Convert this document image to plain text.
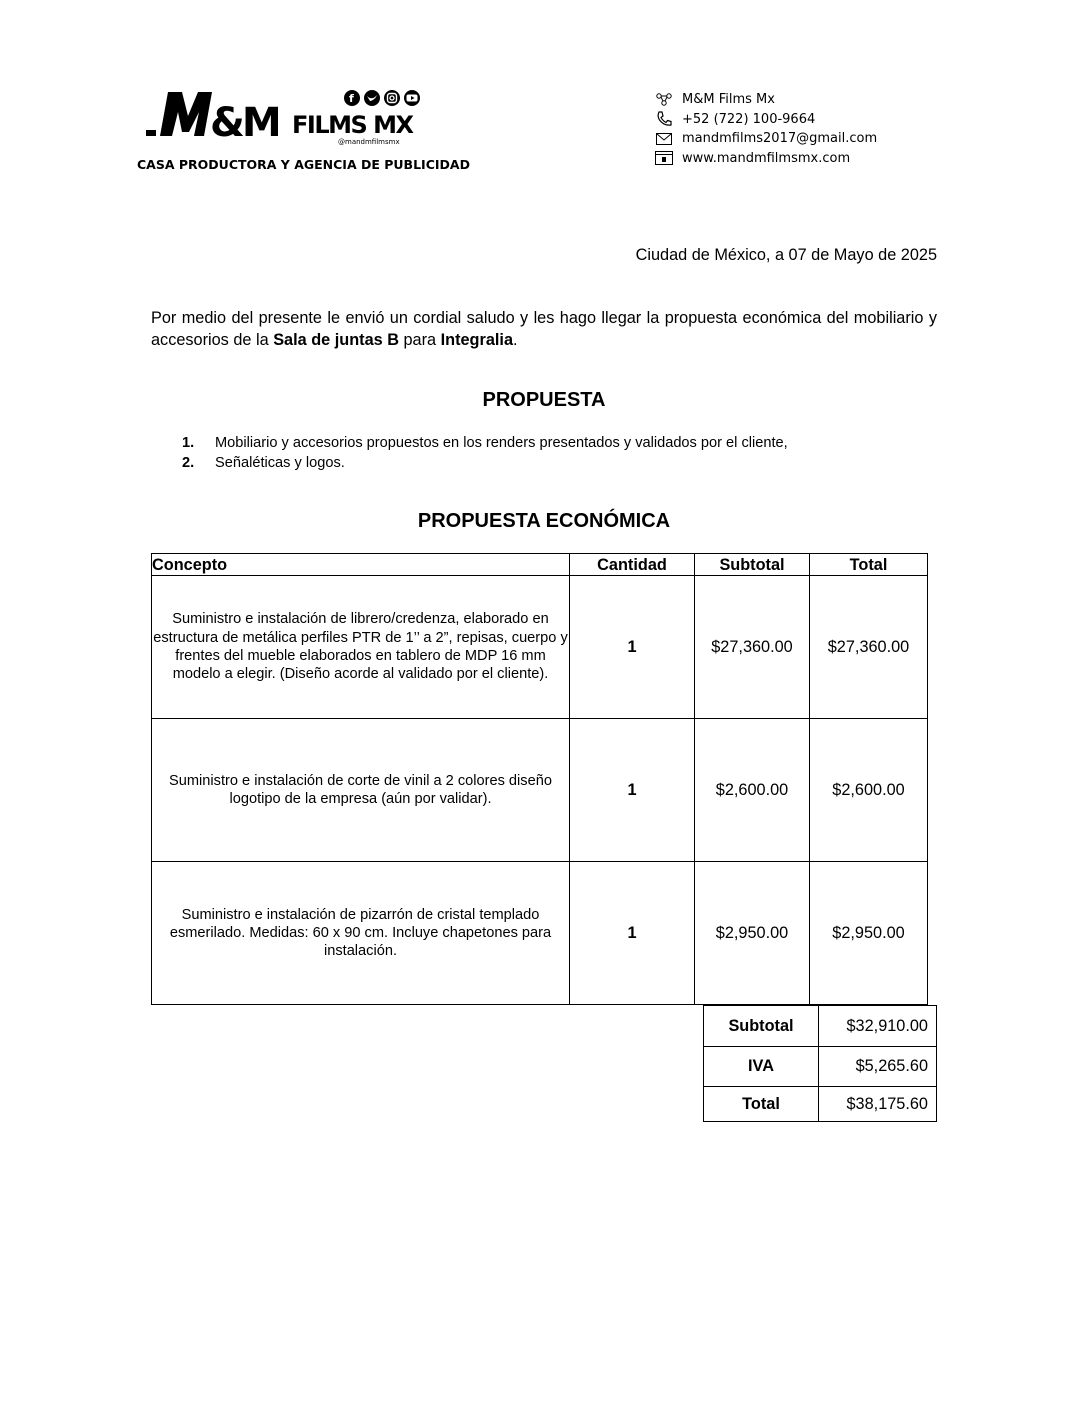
&M FILMS MX
@mandmfilmsmx
f
CASA PRODUCTORA Y AGENCIA DE PUBLICIDAD
M&M Films Mx
+52 (722) 100-9664
mandmfilms2017@gmail.com
www.mandmfilmsmx.com
Ciudad de México, a 07 de Mayo de 2025
Por medio del presente le envió un cordial saludo y les hago llegar la propuesta económica del mobiliario y accesorios de la Sala de juntas B para Integralia.
PROPUESTA
1.	Mobiliario y accesorios propuestos en los renders presentados y validados por el cliente,
2.	Señaléticas y logos.
PROPUESTA ECONÓMICA
Concepto	Cantidad	Subtotal	Total
Suministro e instalación de librero/credenza, elaborado en estructura de metálica perfiles PTR de 1’’ a 2”, repisas, cuerpo y frentes del mueble elaborados en tablero de MDP 16 mm modelo a elegir. (Diseño acorde al validado por el cliente).	1	$27,360.00	$27,360.00
Suministro e instalación de corte de vinil a 2 colores diseño logotipo de la empresa (aún por validar).	1	$2,600.00	$2,600.00
Suministro e instalación de pizarrón de cristal templado esmerilado. Medidas: 60 x 90 cm. Incluye chapetones para instalación.	1	$2,950.00	$2,950.00
Subtotal	$32,910.00
IVA	$5,265.60
Total	$38,175.60
